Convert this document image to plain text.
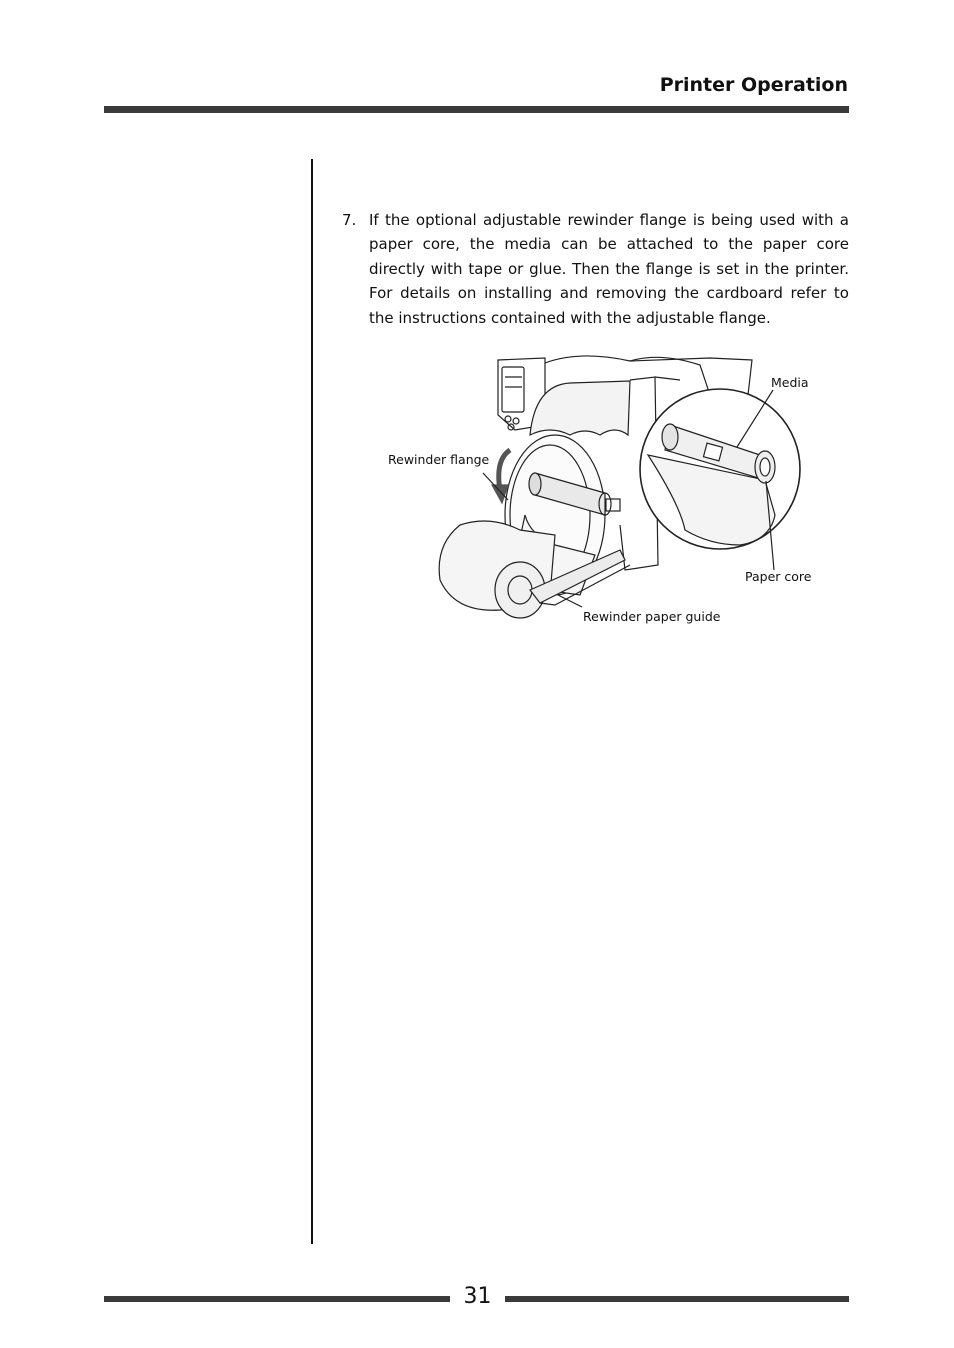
Printer Operation
7. If the optional adjustable rewinder flange is being used with a paper core, the media can be attached to the paper core directly with tape or glue. Then the flange is set in the printer. For details on installing and removing the cardboard refer to the instructions contained with the adjustable flange.
Media
Rewinder flange
Paper core
Rewinder paper guide
31
